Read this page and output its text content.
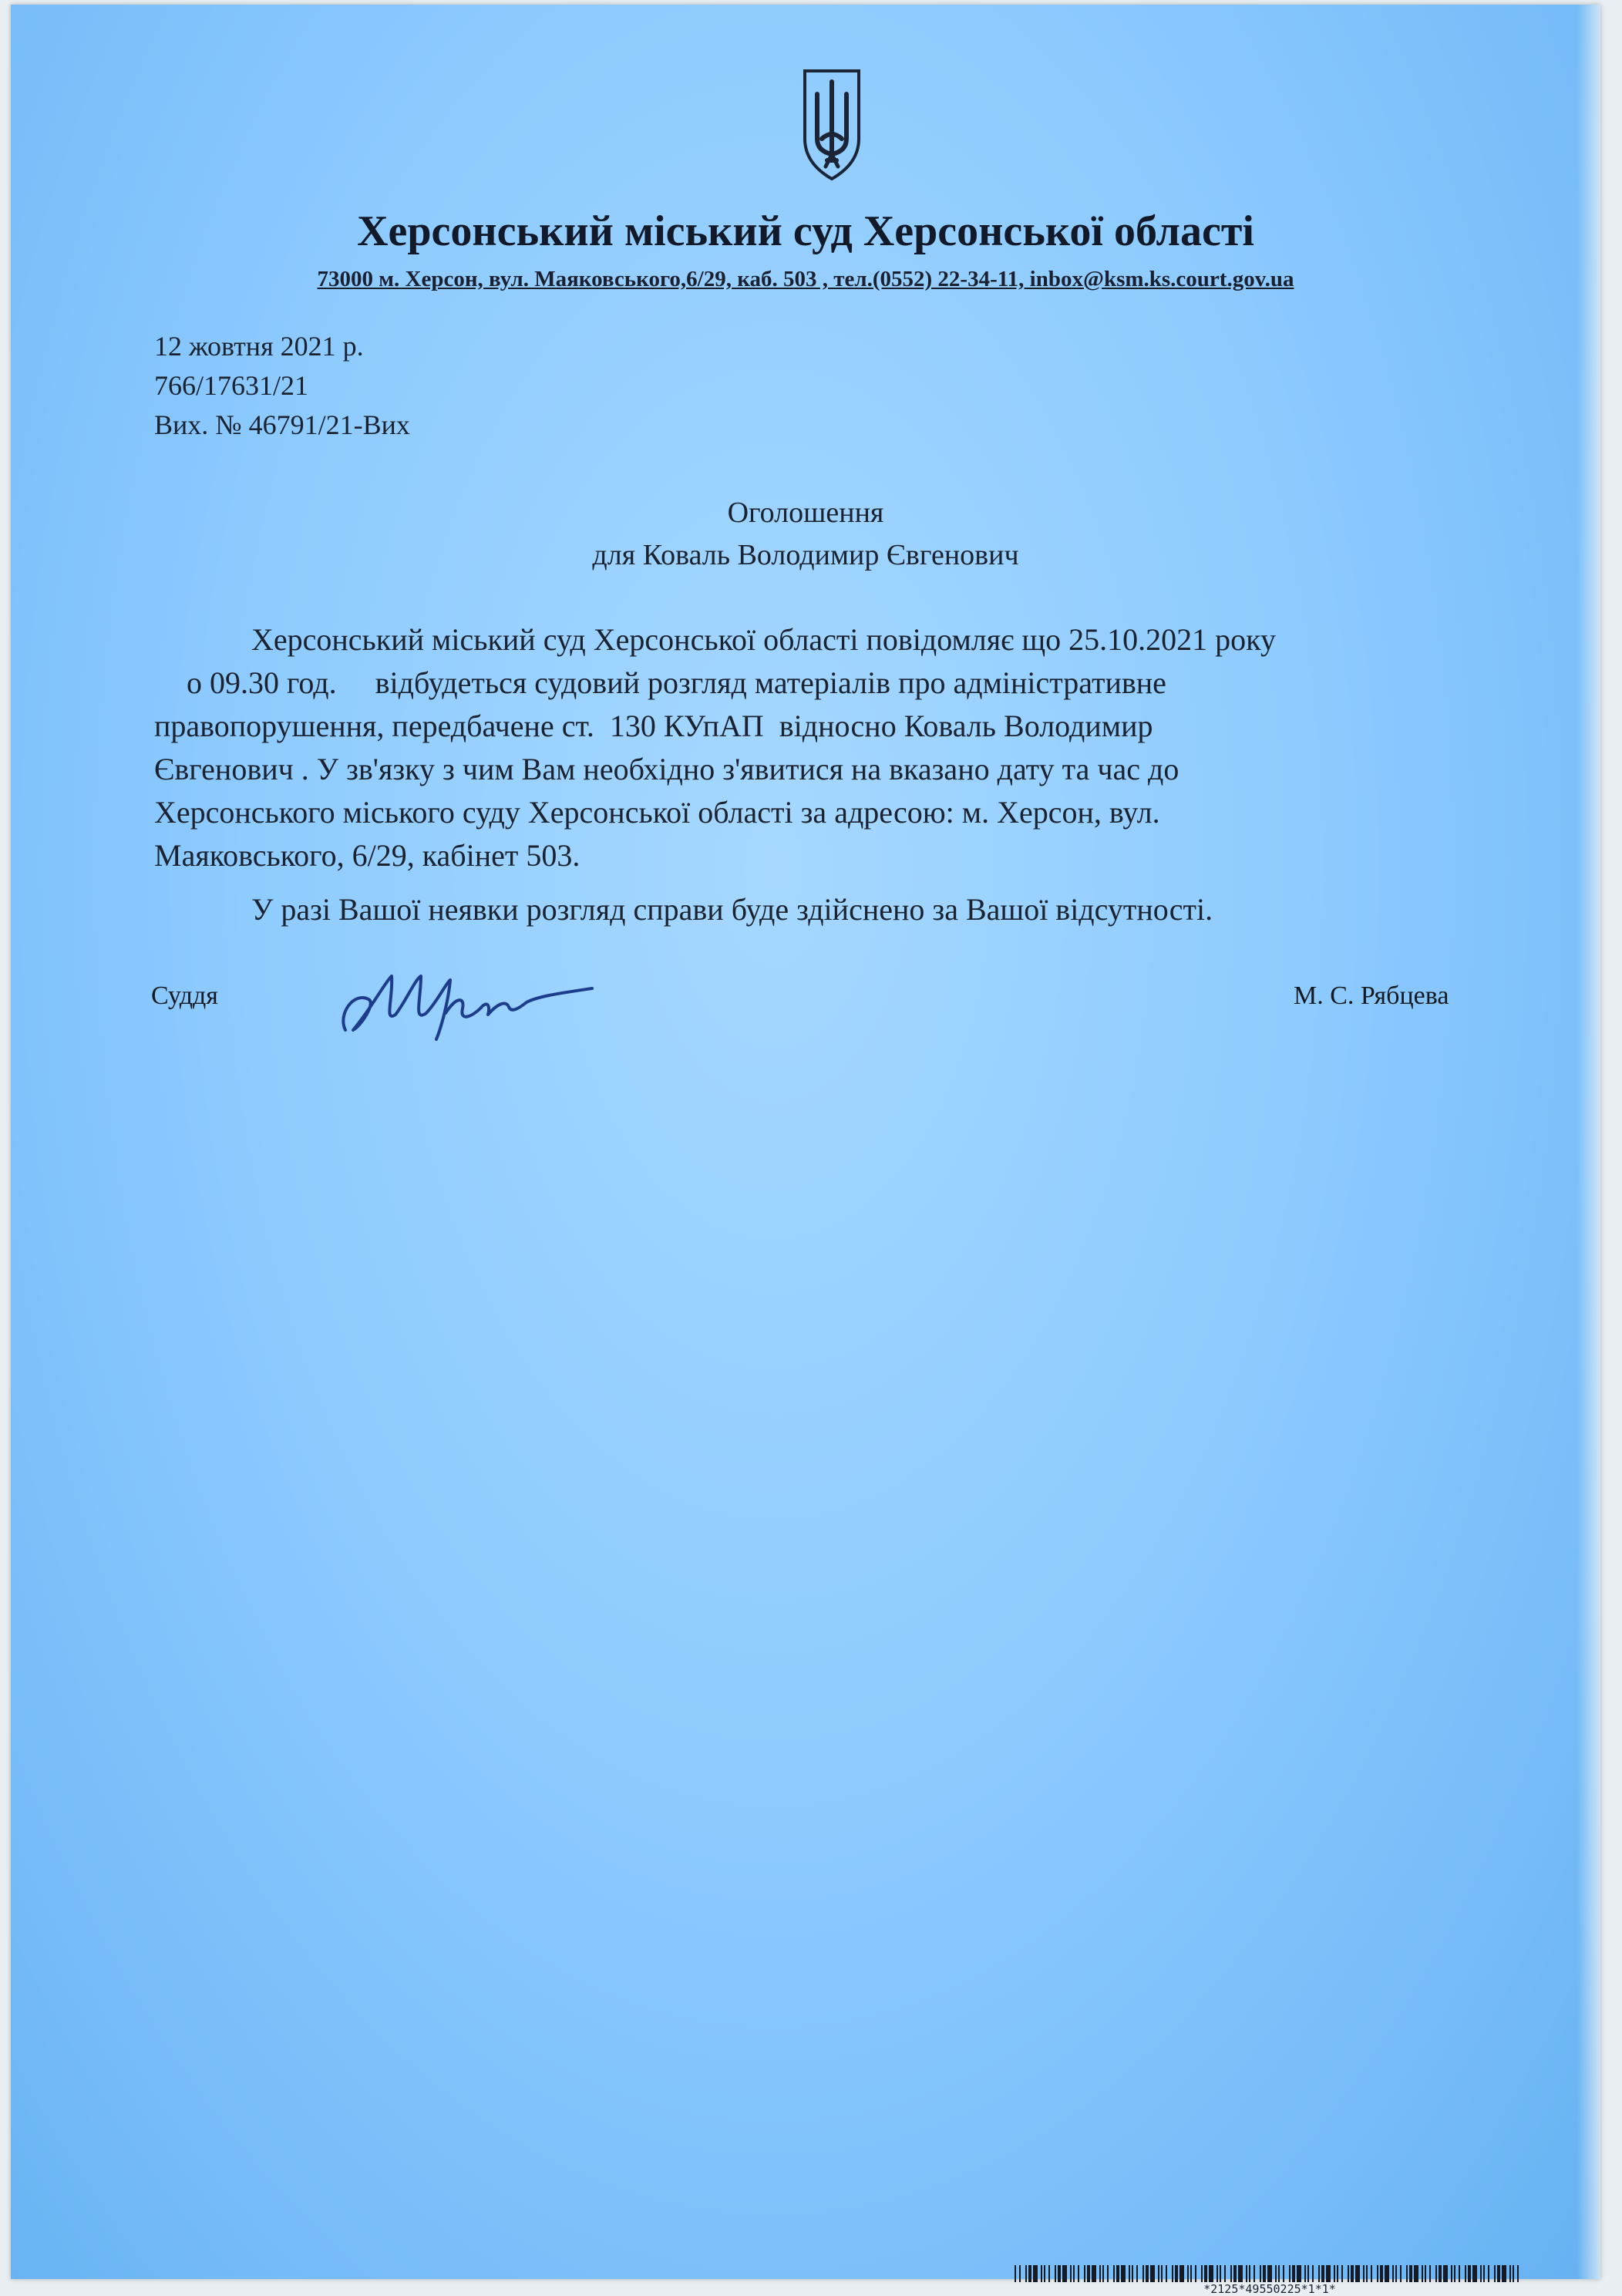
Херсонський міський суд Херсонської області
73000 м. Херсон, вул. Маяковського,6/29, каб. 503 , тел.(0552) 22-34-11, inbox@ksm.ks.court.gov.ua
12 жовтня 2021 р.
766/17631/21
Вих. № 46791/21-Вих
Оголошення
для Коваль Володимир Євгенович
Херсонський міський суд Херсонської області повідомляє що 25.10.2021 року
о 09.30 год.     відбудеться судовий розгляд матеріалів про адміністративне
правопорушення, передбачене ст.  130 КУпАП  відносно Коваль Володимир
Євгенович . У зв'язку з чим Вам необхідно з'явитися на вказано дату та час до
Херсонського міського суду Херсонської області за адресою: м. Херсон, вул.
Маяковського, 6/29, кабінет 503.
У разі Вашої неявки розгляд справи буде здійснено за Вашої відсутності.
Суддя	М. С. Рябцева
*2125*49550225*1*1*
